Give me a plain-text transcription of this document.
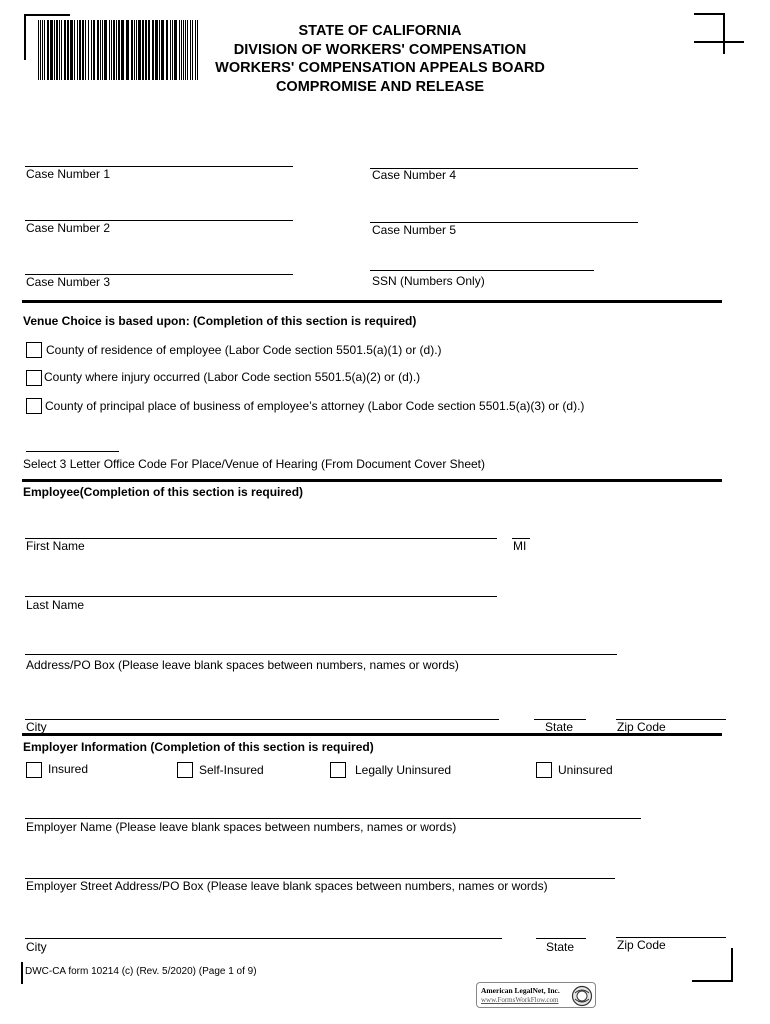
STATE OF CALIFORNIA
DIVISION OF WORKERS' COMPENSATION
WORKERS' COMPENSATION APPEALS BOARD
COMPROMISE AND RELEASE
Case Number 1	Case Number 4
Case Number 2	Case Number 5
Case Number 3	SSN (Numbers Only)
Venue Choice is based upon: (Completion of this section is required)
County of residence of employee (Labor Code section 5501.5(a)(1) or (d).)
County where injury occurred (Labor Code section 5501.5(a)(2) or (d).)
County of principal place of business of employee’s attorney (Labor Code section 5501.5(a)(3) or (d).)
Select 3 Letter Office Code For Place/Venue of Hearing (From Document Cover Sheet)
Employee(Completion of this section is required)
First Name	MI
Last Name
Address/PO Box (Please leave blank spaces between numbers, names or words)
City	State	Zip Code
Employer Information (Completion of this section is required)
Insured	Self-Insured	Legally Uninsured	Uninsured
Employer Name (Please leave blank spaces between numbers, names or words)
Employer Street Address/PO Box (Please leave blank spaces between numbers, names or words)
City	State	Zip Code
DWC-CA form 10214 (c) (Rev. 5/2020) (Page 1 of 9)
American LegalNet, Inc.
www.FormsWorkFlow.com
